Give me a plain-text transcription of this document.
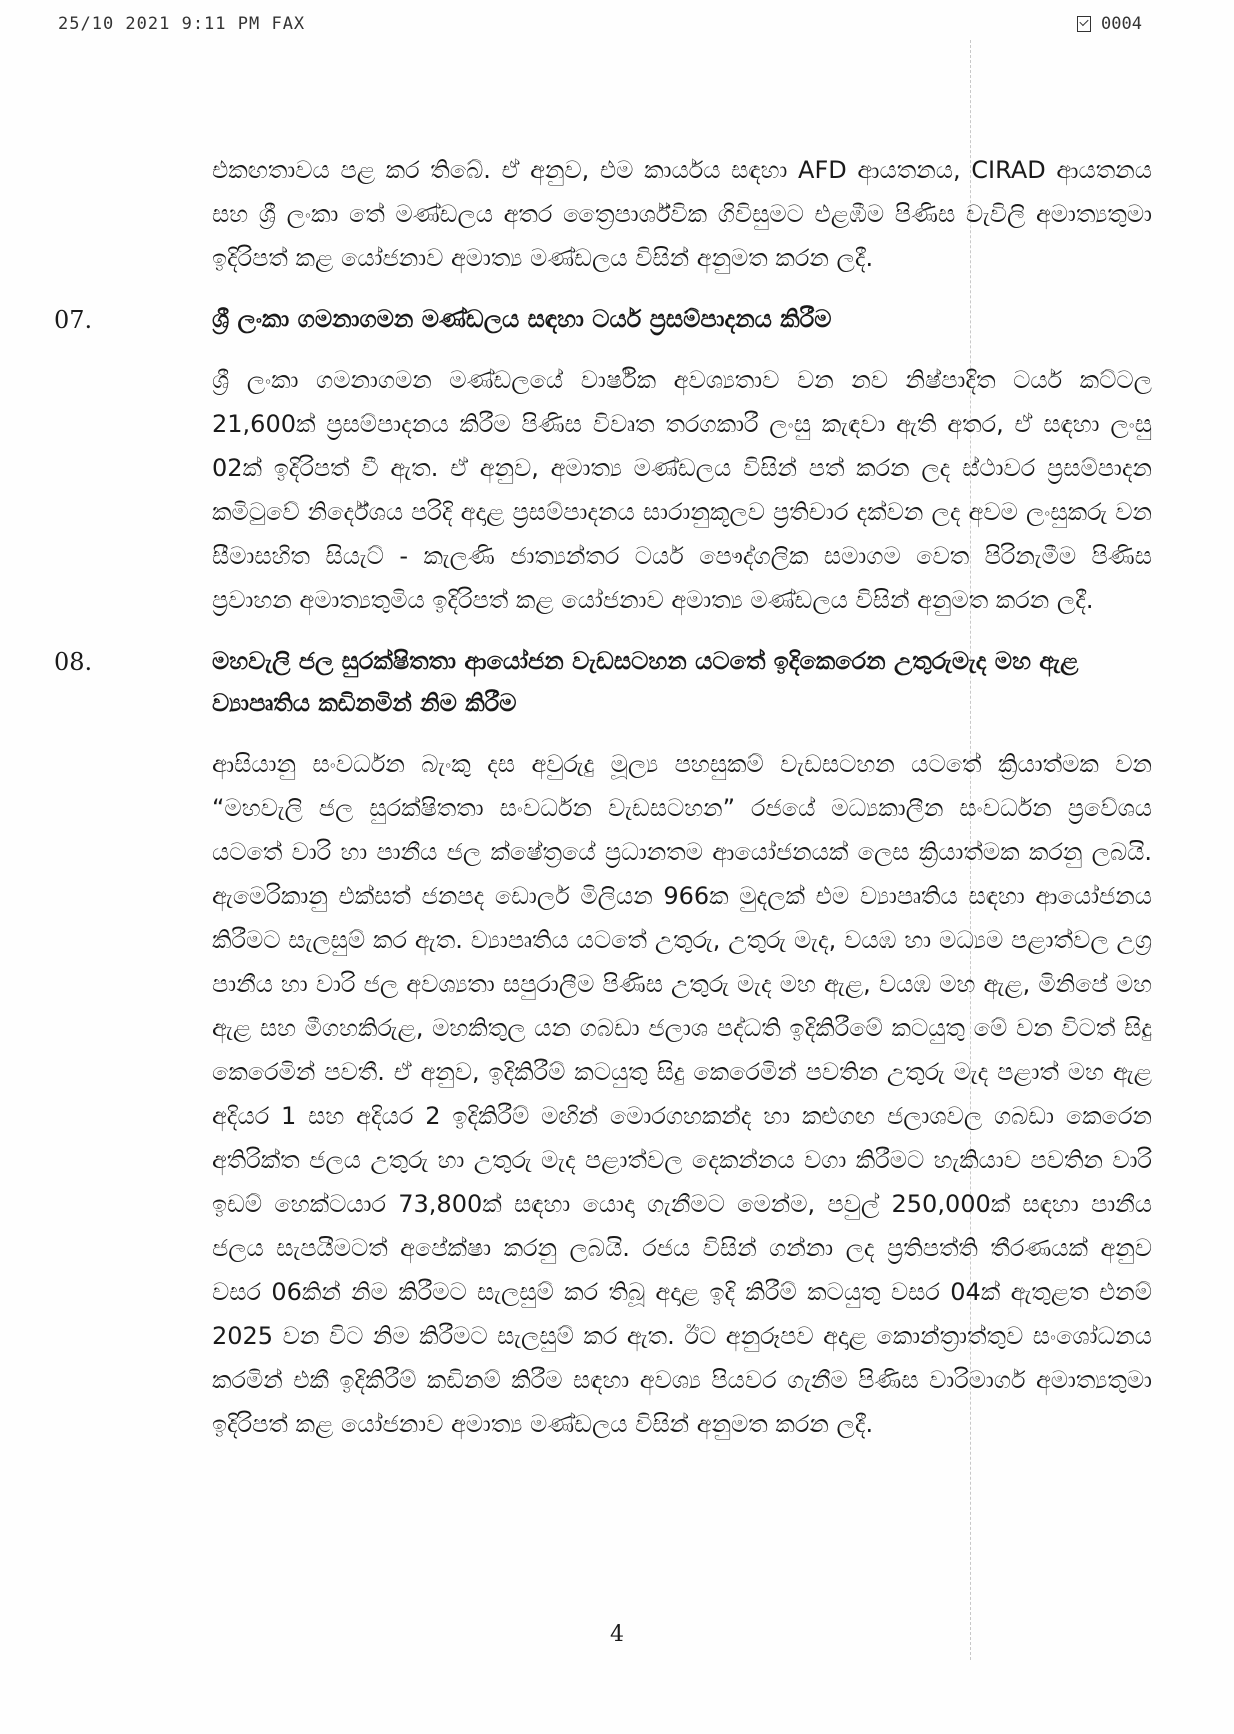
25/10 2021 9:11 PM FAX	0004

එකඟතාවය පළ කර තිබේ. ඒ අනුව, එම කාර්යය සඳහා AFD ආයතනය, CIRAD ආයතනය සහ ශ්‍රී ලංකා තේ මණ්ඩලය අතර ත්‍රෛපාර්ශ්වික ගිවිසුමට එළඹීම පිණිස වැවිලි අමාත්‍යතුමා ඉදිරිපත් කළ යෝජනාව අමාත්‍ය මණ්ඩලය විසින් අනුමත කරන ලදී.

07.	ශ්‍රී ලංකා ගමනාගමන මණ්ඩලය සඳහා ටයර් ප්‍රසම්පාදනය කිරීම

ශ්‍රී ලංකා ගමනාගමන මණ්ඩලයේ වාර්ෂික අවශ්‍යතාව වන නව නිෂ්පාදිත ටයර් කට්ටල 21,600ක් ප්‍රසම්පාදනය කිරීම පිණිස විවෘත තරගකාරී ලංසු කැඳවා ඇති අතර, ඒ සඳහා ලංසු 02ක් ඉදිරිපත් වී ඇත. ඒ අනුව, අමාත්‍ය මණ්ඩලය විසින් පත් කරන ලද ස්ථාවර ප්‍රසම්පාදන කමිටුවේ නිර්දේශය පරිදි අදාළ ප්‍රසම්පාදනය සාරානුකූලව ප්‍රතිචාර දක්වන ලද අවම ලංසුකරු වන සීමාසහිත සියැට් - කැලණි ජාත්‍යන්තර ටයර් පෞද්ගලික සමාගම වෙත පිරිනැමීම පිණිස ප්‍රවාහන අමාත්‍යතුමිය ඉදිරිපත් කළ යෝජනාව අමාත්‍ය මණ්ඩලය විසින් අනුමත කරන ලදී.

08.	මහවැලි ජල සුරක්ෂිතතා ආයෝජන වැඩසටහන යටතේ ඉදිකෙරෙන උතුරුමැද මහ ඇළ ව්‍යාපෘතිය කඩිනමින් නිම කිරීම

ආසියානු සංවර්ධන බැංකු දස අවුරුදු මූල්‍ය පහසුකම් වැඩසටහන යටතේ ක්‍රියාත්මක වන “මහවැලි ජල සුරක්ෂිතතා සංවර්ධන වැඩසටහන” රජයේ මධ්‍යකාලීන සංවර්ධන ප්‍රවේශය යටතේ වාරි හා පානීය ජල ක්ෂේත්‍රයේ ප්‍රධානතම ආයෝජනයක් ලෙස ක්‍රියාත්මක කරනු ලබයි. ඇමෙරිකානු එක්සත් ජනපද ඩොලර් මිලියන 966ක මුදලක් එම ව්‍යාපෘතිය සඳහා ආයෝජනය කිරීමට සැලසුම් කර ඇත. ව්‍යාපෘතිය යටතේ උතුරු, උතුරු මැද, වයඹ හා මධ්‍යම පළාත්වල උග්‍ර පානීය හා වාරි ජල අවශ්‍යතා සපුරාලීම පිණිස උතුරු මැද මහ ඇළ, වයඹ මහ ඇළ, මිනිපේ මහ ඇළ සහ මීගහකිරුළ, මහකිතුල යන ගබඩා ජලාශ පද්ධති ඉදිකිරීමේ කටයුතු මේ වන විටත් සිදු කෙරෙමින් පවතී. ඒ අනුව, ඉදිකිරීම් කටයුතු සිදු කෙරෙමින් පවතින උතුරු මැද පළාත් මහ ඇළ අදියර 1 සහ අදියර 2 ඉදිකිරීම් මඟින් මොරගහකන්ද හා කළුගඟ ජලාශවල ගබඩා කෙරෙන අතිරික්ත ජලය උතුරු හා උතුරු මැද පළාත්වල දෙකන්නය වගා කිරීමට හැකියාව පවතින වාරි ඉඩම් හෙක්ටයාර 73,800ක් සඳහා යොදා ගැනීමට මෙන්ම, පවුල් 250,000ක් සඳහා පානීය ජලය සැපයීමටත් අපේක්ෂා කරනු ලබයි. රජය විසින් ගන්නා ලද ප්‍රතිපත්ති තීරණයක් අනුව වසර 06කින් නිම කිරීමට සැලසුම් කර තිබූ අදාළ ඉදි කිරීම් කටයුතු වසර 04ක් ඇතුළත එනම් 2025 වන විට නිම කිරීමට සැලසුම් කර ඇත. ඊට අනුරූපව අදාළ කොන්ත්‍රාත්තුව සංශෝධනය කරමින් එකී ඉදිකිරීම් කඩිනම් කිරීම සඳහා අවශ්‍ය පියවර ගැනීම පිණිස වාරිමාර්ග අමාත්‍යතුමා ඉදිරිපත් කළ යෝජනාව අමාත්‍ය මණ්ඩලය විසින් අනුමත කරන ලදී.

4
